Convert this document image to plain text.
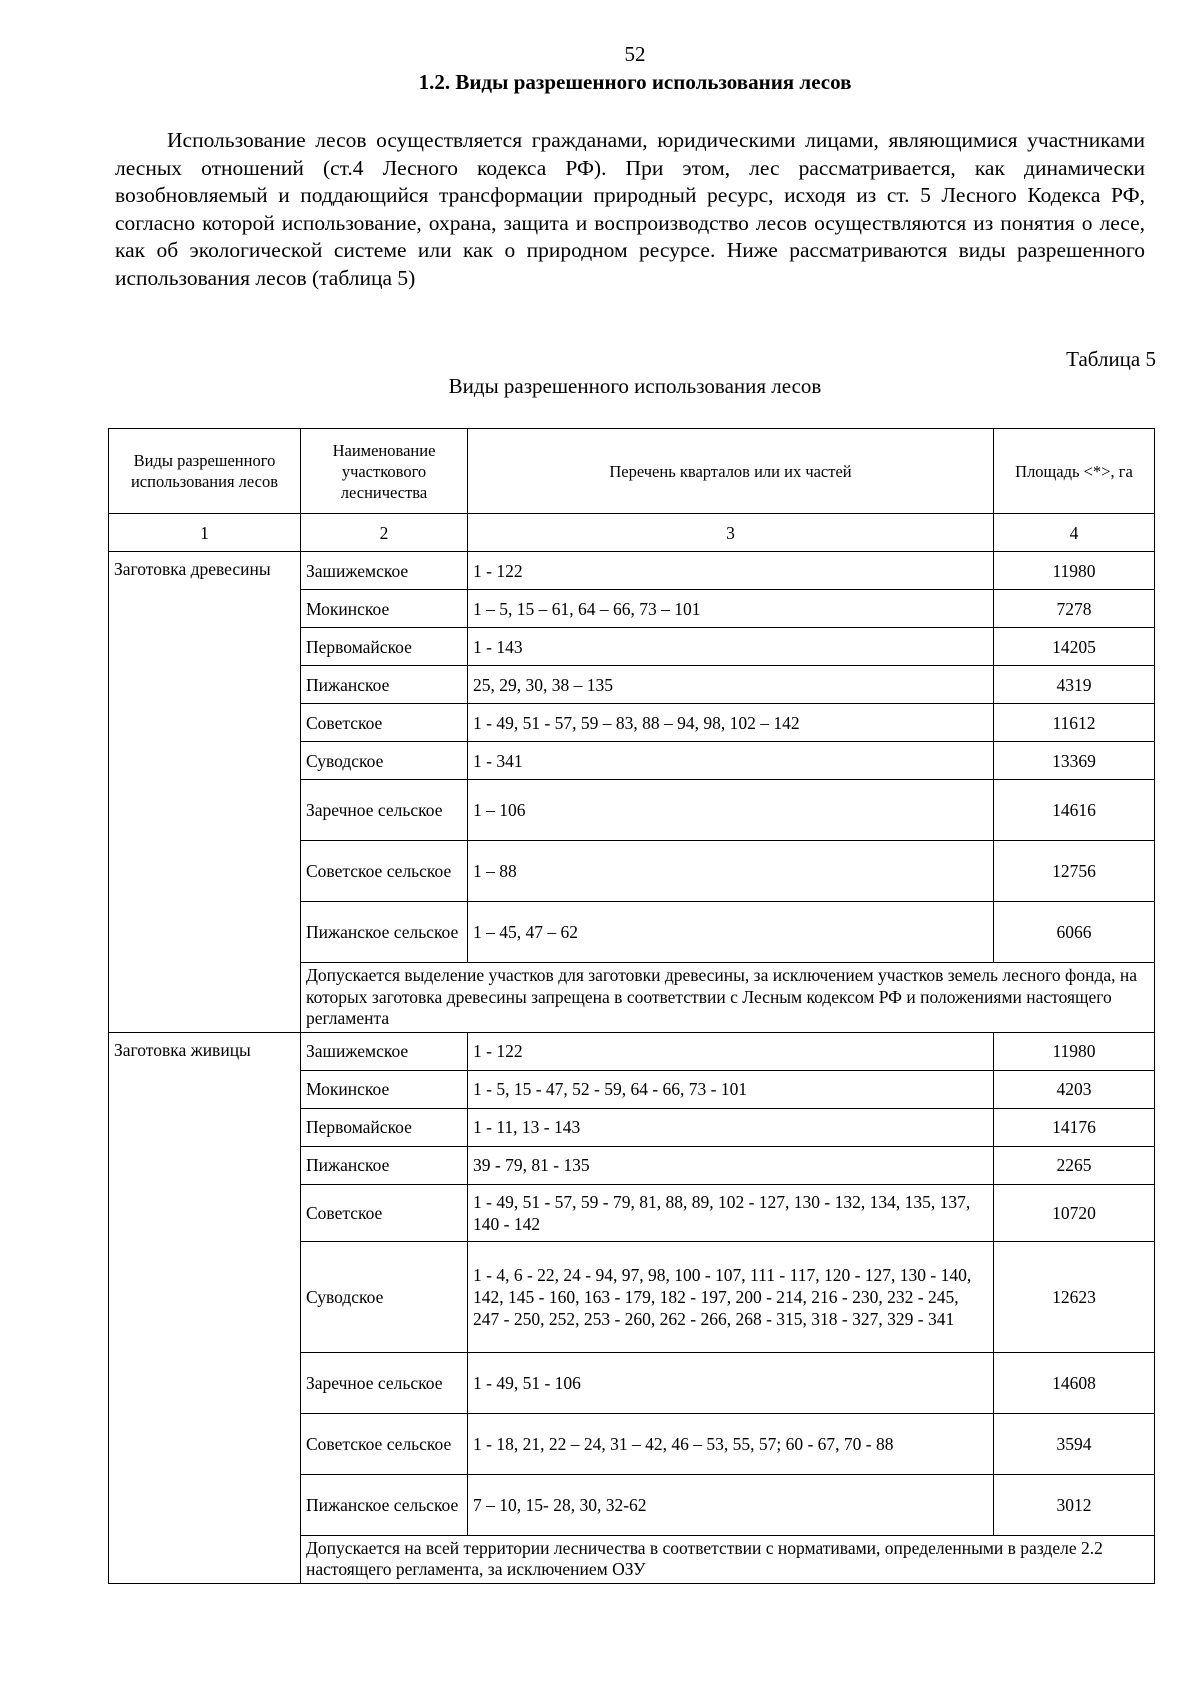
52
1.2. Виды разрешенного использования лесов

Использование лесов осуществляется гражданами, юридическими лицами, являющимися участниками лесных отношений (ст.4 Лесного кодекса РФ). При этом, лес рассматривается, как динамически возобновляемый и поддающийся трансформации природный ресурс, исходя из ст. 5 Лесного Кодекса РФ, согласно которой использование, охрана, защита и воспроизводство лесов осуществляются из понятия о лесе, как об экологической системе или как о природном ресурсе. Ниже рассматриваются виды разрешенного использования лесов (таблица 5)

Таблица 5
Виды разрешенного использования лесов
Виды разрешенного использования лесов	Наименование участкового лесничества	Перечень кварталов или их частей	Площадь <*>, га
1	2	3	4
Заготовка древесины	Зашижемское	1 - 122	11980
	Мокинское	1 – 5, 15 – 61, 64 – 66, 73 – 101	7278
	Первомайское	1 - 143	14205
	Пижанское	25, 29, 30, 38 – 135	4319
	Советское	1 - 49, 51 - 57, 59 – 83, 88 – 94, 98, 102 – 142	11612
	Суводское	1 - 341	13369
	Заречное сельское	1 – 106	14616
	Советское сельское	1 – 88	12756
	Пижанское сельское	1 – 45, 47 – 62	6066
	Допускается выделение участков для заготовки древесины, за исключением участков земель лесного фонда, на которых заготовка древесины запрещена в соответствии с Лесным кодексом РФ и положениями настоящего регламента		
Заготовка живицы	Зашижемское	1 - 122	11980
	Мокинское	1 - 5, 15 - 47, 52 - 59, 64 - 66, 73 - 101	4203
	Первомайское	1 - 11, 13 - 143	14176
	Пижанское	39 - 79, 81 - 135	2265
	Советское	1 - 49, 51 - 57, 59 - 79, 81, 88, 89, 102 - 127, 130 - 132, 134, 135, 137, 140 - 142	10720
	Суводское	1 - 4, 6 - 22, 24 - 94, 97, 98, 100 - 107, 111 - 117, 120 - 127, 130 - 140, 142, 145 - 160, 163 - 179, 182 - 197, 200 - 214, 216 - 230, 232 - 245, 247 - 250, 252, 253 - 260, 262 - 266, 268 - 315, 318 - 327, 329 - 341	12623
	Заречное сельское	1 - 49, 51 - 106	14608
	Советское сельское	1 - 18, 21, 22 – 24, 31 – 42, 46 – 53, 55, 57; 60 - 67, 70 - 88	3594
	Пижанское сельское	7 – 10, 15- 28, 30, 32-62	3012
	Допускается на всей территории лесничества в соответствии с нормативами, определенными в разделе 2.2 настоящего регламента, за исключением ОЗУ		
